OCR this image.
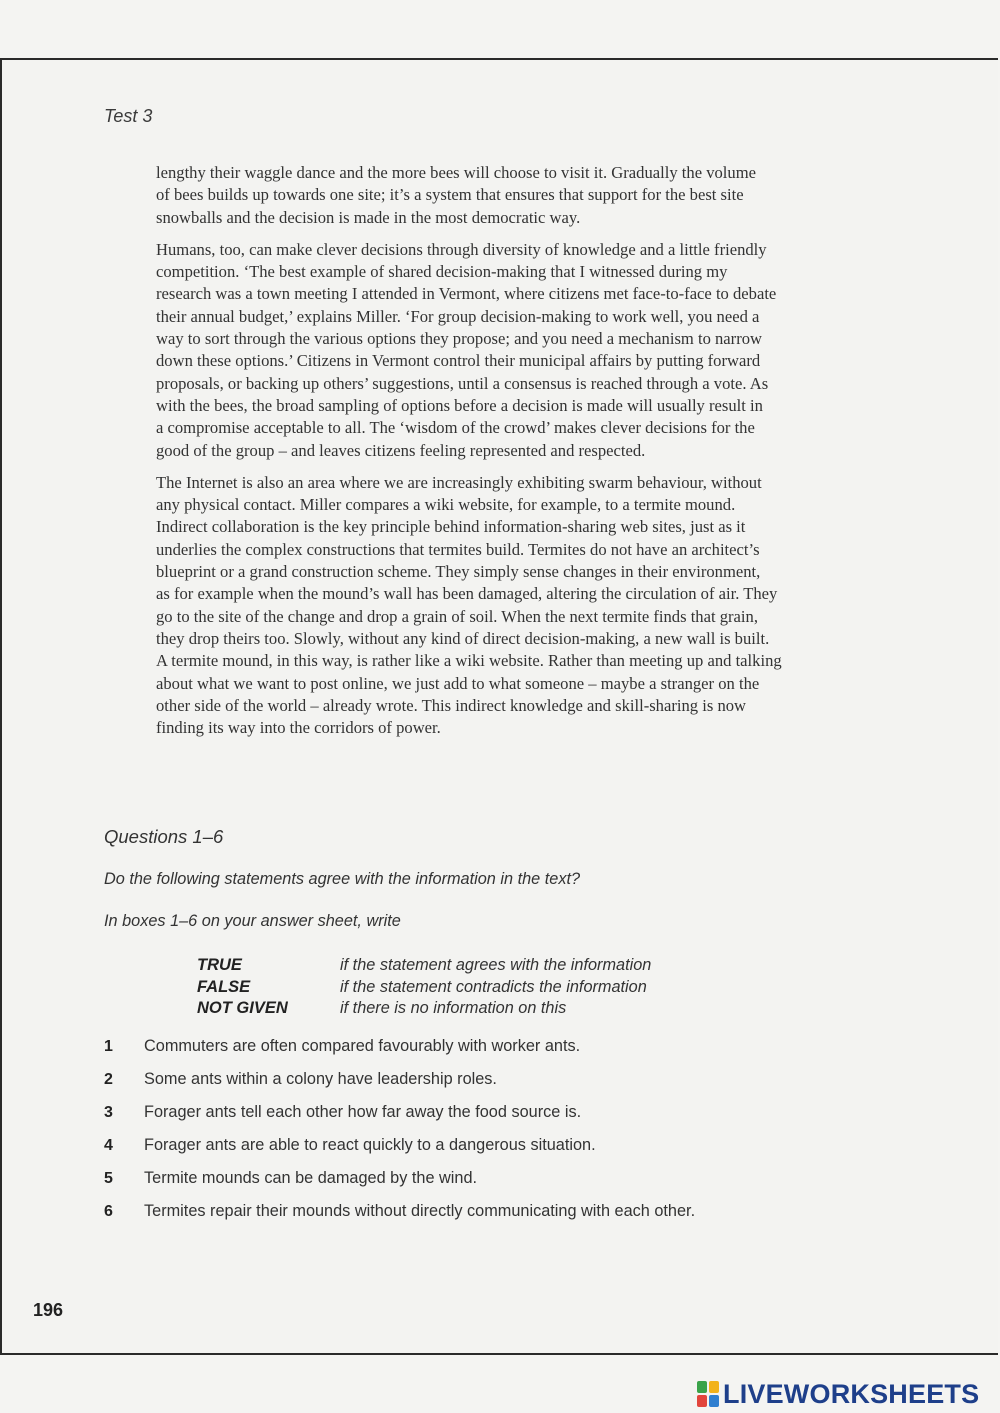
Test 3

lengthy their waggle dance and the more bees will choose to visit it. Gradually the volume
of bees builds up towards one site; it’s a system that ensures that support for the best site
snowballs and the decision is made in the most democratic way.

Humans, too, can make clever decisions through diversity of knowledge and a little friendly
competition. ‘The best example of shared decision-making that I witnessed during my
research was a town meeting I attended in Vermont, where citizens met face-to-face to debate
their annual budget,’ explains Miller. ‘For group decision-making to work well, you need a
way to sort through the various options they propose; and you need a mechanism to narrow
down these options.’ Citizens in Vermont control their municipal affairs by putting forward
proposals, or backing up others’ suggestions, until a consensus is reached through a vote. As
with the bees, the broad sampling of options before a decision is made will usually result in
a compromise acceptable to all. The ‘wisdom of the crowd’ makes clever decisions for the
good of the group – and leaves citizens feeling represented and respected.

The Internet is also an area where we are increasingly exhibiting swarm behaviour, without
any physical contact. Miller compares a wiki website, for example, to a termite mound.
Indirect collaboration is the key principle behind information-sharing web sites, just as it
underlies the complex constructions that termites build. Termites do not have an architect’s
blueprint or a grand construction scheme. They simply sense changes in their environment,
as for example when the mound’s wall has been damaged, altering the circulation of air. They
go to the site of the change and drop a grain of soil. When the next termite finds that grain,
they drop theirs too. Slowly, without any kind of direct decision-making, a new wall is built.
A termite mound, in this way, is rather like a wiki website. Rather than meeting up and talking
about what we want to post online, we just add to what someone – maybe a stranger on the
other side of the world – already wrote. This indirect knowledge and skill-sharing is now
finding its way into the corridors of power.

Questions 1–6
Do the following statements agree with the information in the text?
In boxes 1–6 on your answer sheet, write
TRUE	if the statement agrees with the information
FALSE	if the statement contradicts the information
NOT GIVEN	if there is no information on this
1	Commuters are often compared favourably with worker ants.
2	Some ants within a colony have leadership roles.
3	Forager ants tell each other how far away the food source is.
4	Forager ants are able to react quickly to a dangerous situation.
5	Termite mounds can be damaged by the wind.
6	Termites repair their mounds without directly communicating with each other.
196
LIVEWORKSHEETS
